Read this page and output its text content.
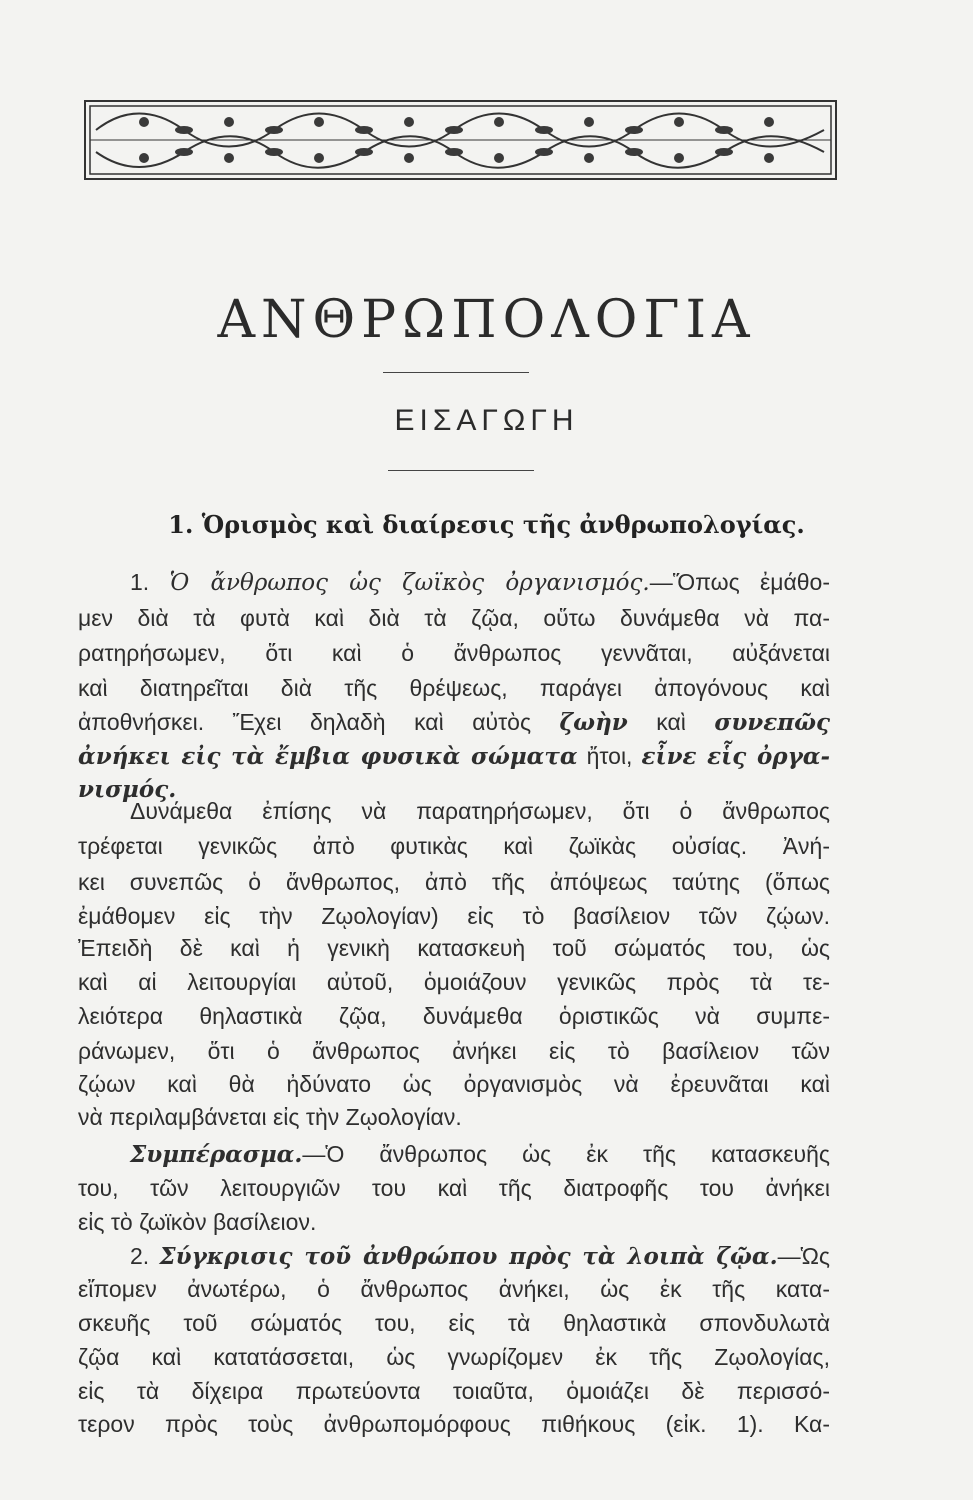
ΑΝΘΡΩΠΟΛΟΓΙΑ
ΕΙΣΑΓΩΓΗ
1. Ὁρισμὸς καὶ διαίρεσις τῆς ἀνθρωπολογίας.
1. Ὁ ἄνθρωπος ὡς ζωϊκὸς ὀργανισμός.—Ὅπως ἐμάθο-
μεν διὰ τὰ φυτὰ καὶ διὰ τὰ ζῷα, οὕτω δυνάμεθα νὰ πα-
ρατηρήσωμεν, ὅτι καὶ ὁ ἄνθρωπος γεννᾶται, αὐξάνεται
καὶ διατηρεῖται διὰ τῆς θρέψεως, παράγει ἀπογόνους καὶ
ἀποθνήσκει. Ἔχει δηλαδὴ καὶ αὐτὸς ζωὴν καὶ συνεπῶς
ἀνήκει εἰς τὰ ἔμβια φυσικὰ σώματα ἤτοι, εἶνε εἷς ὀργα-
νισμός.
Δυνάμεθα ἐπίσης νὰ παρατηρήσωμεν, ὅτι ὁ ἄνθρωπος
τρέφεται γενικῶς ἀπὸ φυτικὰς καὶ ζωϊκὰς οὐσίας. Ἀνή-
κει συνεπῶς ὁ ἄνθρωπος, ἀπὸ τῆς ἀπόψεως ταύτης (ὅπως
ἐμάθομεν εἰς τὴν Ζῳολογίαν) εἰς τὸ βασίλειον τῶν ζῴων.
Ἐπειδὴ δὲ καὶ ἡ γενικὴ κατασκευὴ τοῦ σώματός του, ὡς
καὶ αἱ λειτουργίαι αὐτοῦ, ὁμοιάζουν γενικῶς πρὸς τὰ τε-
λειότερα θηλαστικὰ ζῷα, δυνάμεθα ὁριστικῶς νὰ συμπε-
ράνωμεν, ὅτι ὁ ἄνθρωπος ἀνήκει εἰς τὸ βασίλειον τῶν
ζῴων καὶ θὰ ἠδύνατο ὡς ὀργανισμὸς νὰ ἐρευνᾶται καὶ
νὰ περιλαμβάνεται εἰς τὴν Ζῳολογίαν.
Συμπέρασμα.—Ὁ ἄνθρωπος ὡς ἐκ τῆς κατασκευῆς
του, τῶν λειτουργιῶν του καὶ τῆς διατροφῆς του ἀνήκει
εἰς τὸ ζωϊκὸν βασίλειον.
2. Σύγκρισις τοῦ ἀνθρώπου πρὸς τὰ λοιπὰ ζῷα.—Ὡς
εἴπομεν ἀνωτέρω, ὁ ἄνθρωπος ἀνήκει, ὡς ἐκ τῆς κατα-
σκευῆς τοῦ σώματός του, εἰς τὰ θηλαστικὰ σπονδυλωτὰ
ζῷα καὶ κατατάσσεται, ὡς γνωρίζομεν ἐκ τῆς Ζῳολογίας,
εἰς τὰ δίχειρα πρωτεύοντα τοιαῦτα, ὁμοιάζει δὲ περισσό-
τερον πρὸς τοὺς ἀνθρωπομόρφους πιθήκους (εἰκ. 1). Κα-
